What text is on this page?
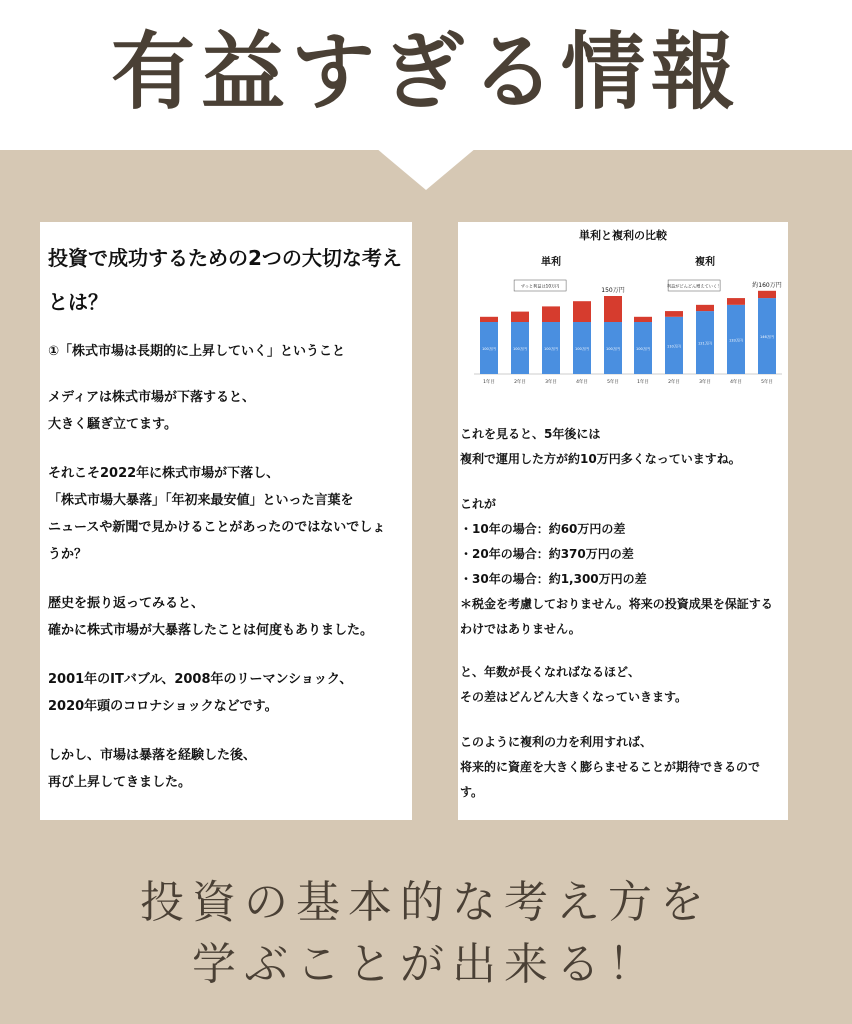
有益すぎる情報
投資で成功するための2つの大切な考え
とは？
①「株式市場は長期的に上昇していく」ということ
メディアは株式市場が下落すると、
大きく騒ぎ立てます。
それこそ2022年に株式市場が下落し、
「株式市場大暴落」「年初来最安値」といった言葉を
ニュースや新聞で見かけることがあったのではないでしょ
うか？
歴史を振り返ってみると、
確かに株式市場が大暴落したことは何度もありました。
2001年のITバブル、2008年のリーマンショック、
2020年頭のコロナショックなどです。
しかし、市場は暴落を経験した後、
再び上昇してきました。
単利と複利の比較
単利
100万円
1年目
100万円
2年目
100万円
3年目
100万円
4年目
100万円
5年目
150万円
ずっと利益は10万円
複利
100万円
1年目
110万円
2年目
121万円
3年目
133万円
4年目
146万円
5年目
約160万円
利益がどんどん増えていく！
これを見ると、5年後には
複利で運用した方が約10万円多くなっていますね。
これが
・10年の場合：約60万円の差
・20年の場合：約370万円の差
・30年の場合：約1,300万円の差
＊税金を考慮しておりません。将来の投資成果を保証する
わけではありません。
と、年数が長くなればなるほど、
その差はどんどん大きくなっていきます。
このように複利の力を利用すれば、
将来的に資産を大きく膨らませることが期待できるので
す。
投資の基本的な考え方を
学ぶことが出来る！
